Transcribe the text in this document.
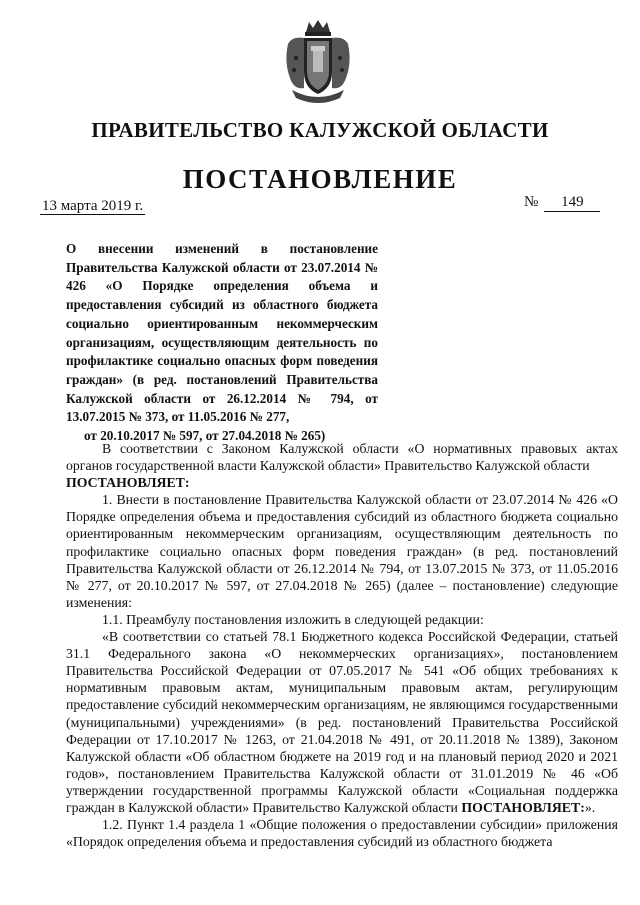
ПРАВИТЕЛЬСТВО КАЛУЖСКОЙ ОБЛАСТИ
ПОСТАНОВЛЕНИЕ
13 марта 2019 г.	№ 149

О внесении изменений в постановление Правительства Калужской области от 23.07.2014 № 426 «О Порядке определения объема и предоставления субсидий из областного бюджета социально ориентированным некоммерческим организациям, осуществляющим деятельность по профилактике социально опасных форм поведения граждан» (в ред. постановлений Правительства Калужской области от 26.12.2014 № 794, от 13.07.2015 № 373, от 11.05.2016 № 277,
от 20.10.2017 № 597, от 27.04.2018 № 265)

В соответствии с Законом Калужской области «О нормативных правовых актах органов государственной власти Калужской области» Правительство Калужской области

ПОСТАНОВЛЯЕТ:

1. Внести в постановление Правительства Калужской области от 23.07.2014 № 426 «О Порядке определения объема и предоставления субсидий из областного бюджета социально ориентированным некоммерческим организациям, осуществляющим деятельность по профилактике социально опасных форм поведения граждан» (в ред. постановлений Правительства Калужской области от 26.12.2014 № 794, от 13.07.2015 № 373, от 11.05.2016 № 277, от 20.10.2017 № 597, от 27.04.2018 № 265) (далее – постановление) следующие изменения:

1.1. Преамбулу постановления изложить в следующей редакции:

«В соответствии со статьей 78.1 Бюджетного кодекса Российской Федерации, статьей 31.1 Федерального закона «О некоммерческих организациях», постановлением Правительства Российской Федерации от 07.05.2017 № 541 «Об общих требованиях к нормативным правовым актам, муниципальным правовым актам, регулирующим предоставление субсидий некоммерческим организациям, не являющимся государственными (муниципальными) учреждениями» (в ред. постановлений Правительства Российской Федерации от 17.10.2017 № 1263, от 21.04.2018 № 491, от 20.11.2018 № 1389), Законом Калужской области «Об областном бюджете на 2019 год и на плановый период 2020 и 2021 годов», постановлением Правительства Калужской области от 31.01.2019 № 46 «Об утверждении государственной программы Калужской области «Социальная поддержка граждан в Калужской области» Правительство Калужской области ПОСТАНОВЛЯЕТ:».

1.2. Пункт 1.4 раздела 1 «Общие положения о предоставлении субсидии» приложения «Порядок определения объема и предоставления субсидий из областного бюджета
